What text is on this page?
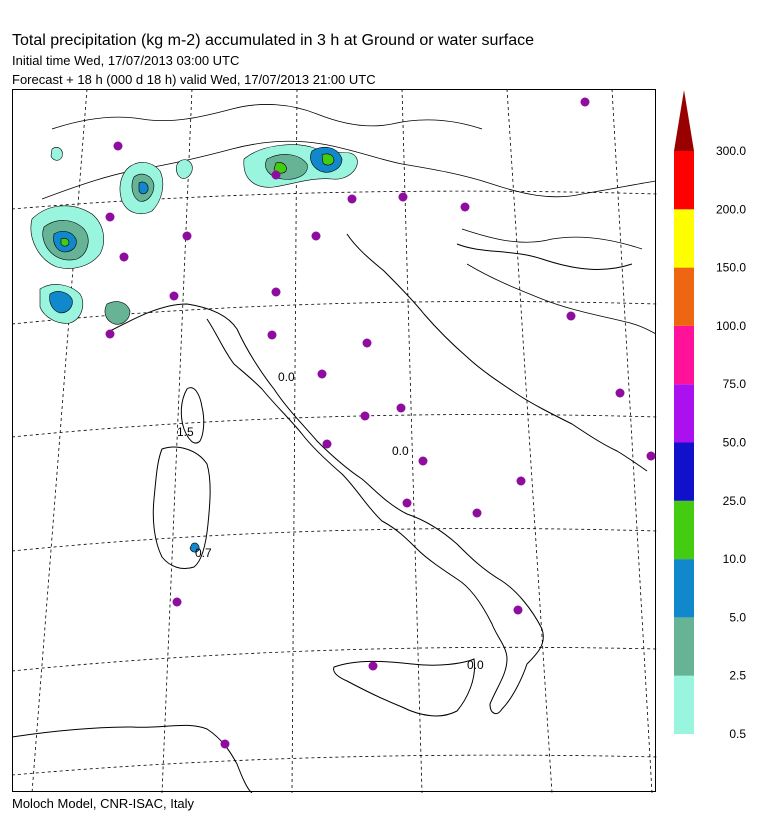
Total precipitation (kg m-2) accumulated in 3 h at Ground or water surface
Initial time Wed, 17/07/2013 03:00 UTC
Forecast + 18 h (000 d 18 h) valid Wed, 17/07/2013 21:00 UTC
0.0
1.5
0.0
0.7
0.0
0.5
2.5
5.0
10.0
25.0
50.0
75.0
100.0
150.0
200.0
300.0
Moloch Model, CNR-ISAC, Italy
